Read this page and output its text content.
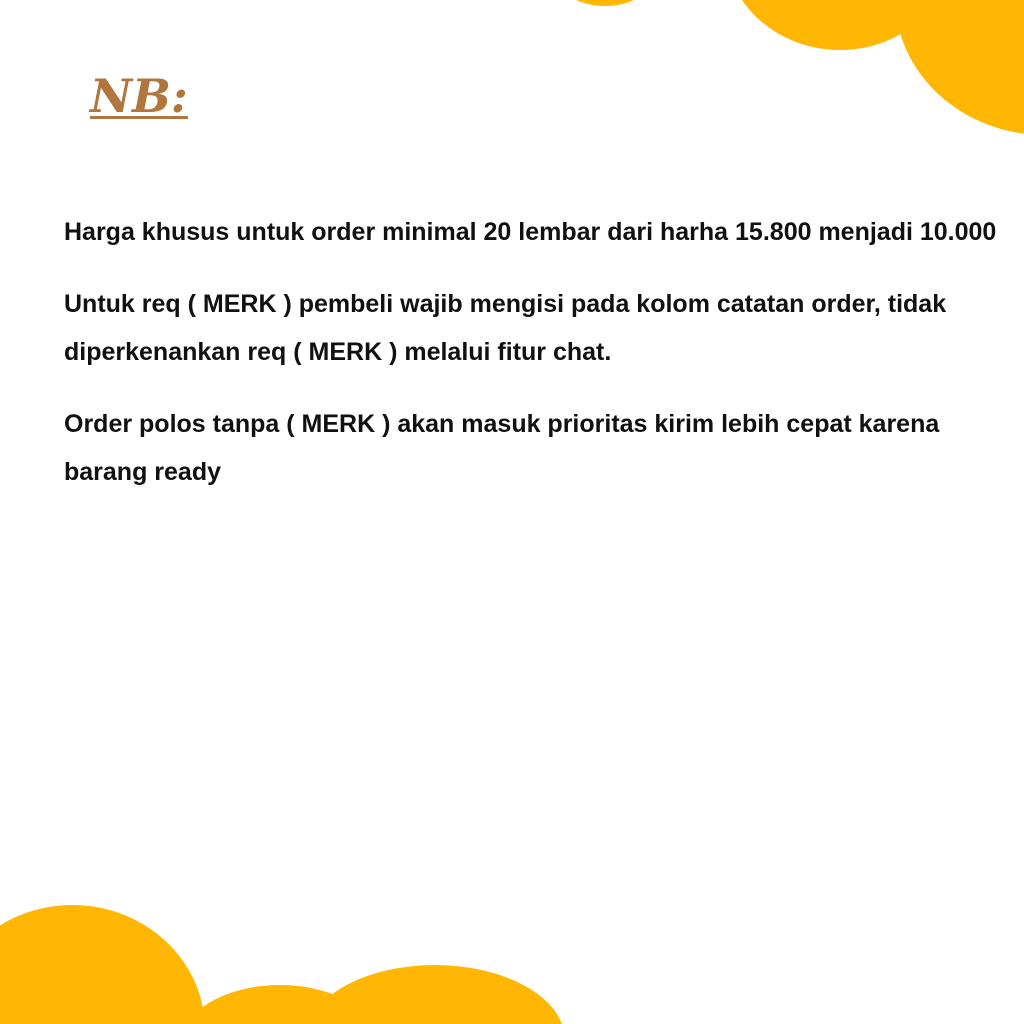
NB:

Harga khusus untuk order minimal 20 lembar dari harha 15.800 menjadi 10.000

Untuk req ( MERK ) pembeli wajib mengisi pada kolom catatan order, tidak diperkenankan req ( MERK ) melalui fitur chat.

Order polos tanpa ( MERK ) akan masuk prioritas kirim lebih cepat karena barang ready
